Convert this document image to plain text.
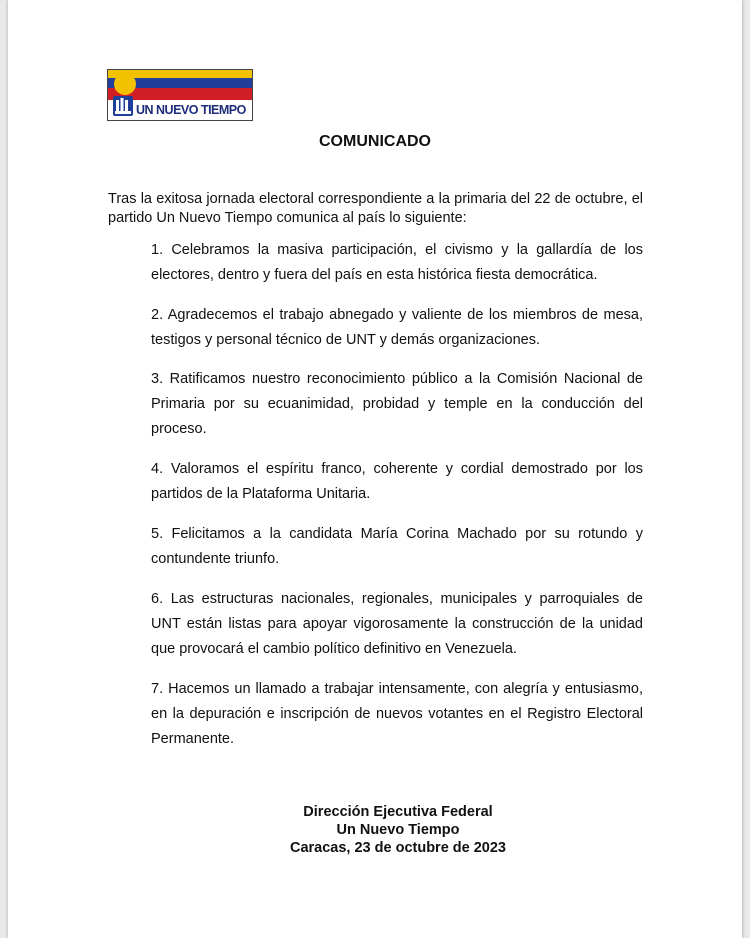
UN NUEVO TIEMPO
COMUNICADO

Tras la exitosa jornada electoral correspondiente a la primaria del 22 de octubre, el partido Un Nuevo Tiempo comunica al país lo siguiente:

1. Celebramos la masiva participación, el civismo y la gallardía de los electores, dentro y fuera del país en esta histórica fiesta democrática.

2. Agradecemos el trabajo abnegado y valiente de los miembros de mesa, testigos y personal técnico de UNT y demás organizaciones.

3. Ratificamos nuestro reconocimiento público a la Comisión Nacional de Primaria por su ecuanimidad, probidad y temple en la conducción del proceso.

4. Valoramos el espíritu franco, coherente y cordial demostrado por los partidos de la Plataforma Unitaria.

5. Felicitamos a la candidata María Corina Machado por su rotundo y contundente triunfo.

6. Las estructuras nacionales, regionales, municipales y parroquiales de UNT están listas para apoyar vigorosamente la construcción de la unidad que provocará el cambio político definitivo en Venezuela.

7. Hacemos un llamado a trabajar intensamente, con alegría y entusiasmo, en la depuración e inscripción de nuevos votantes en el Registro Electoral Permanente.

Dirección Ejecutiva Federal
Un Nuevo Tiempo
Caracas, 23 de octubre de 2023
